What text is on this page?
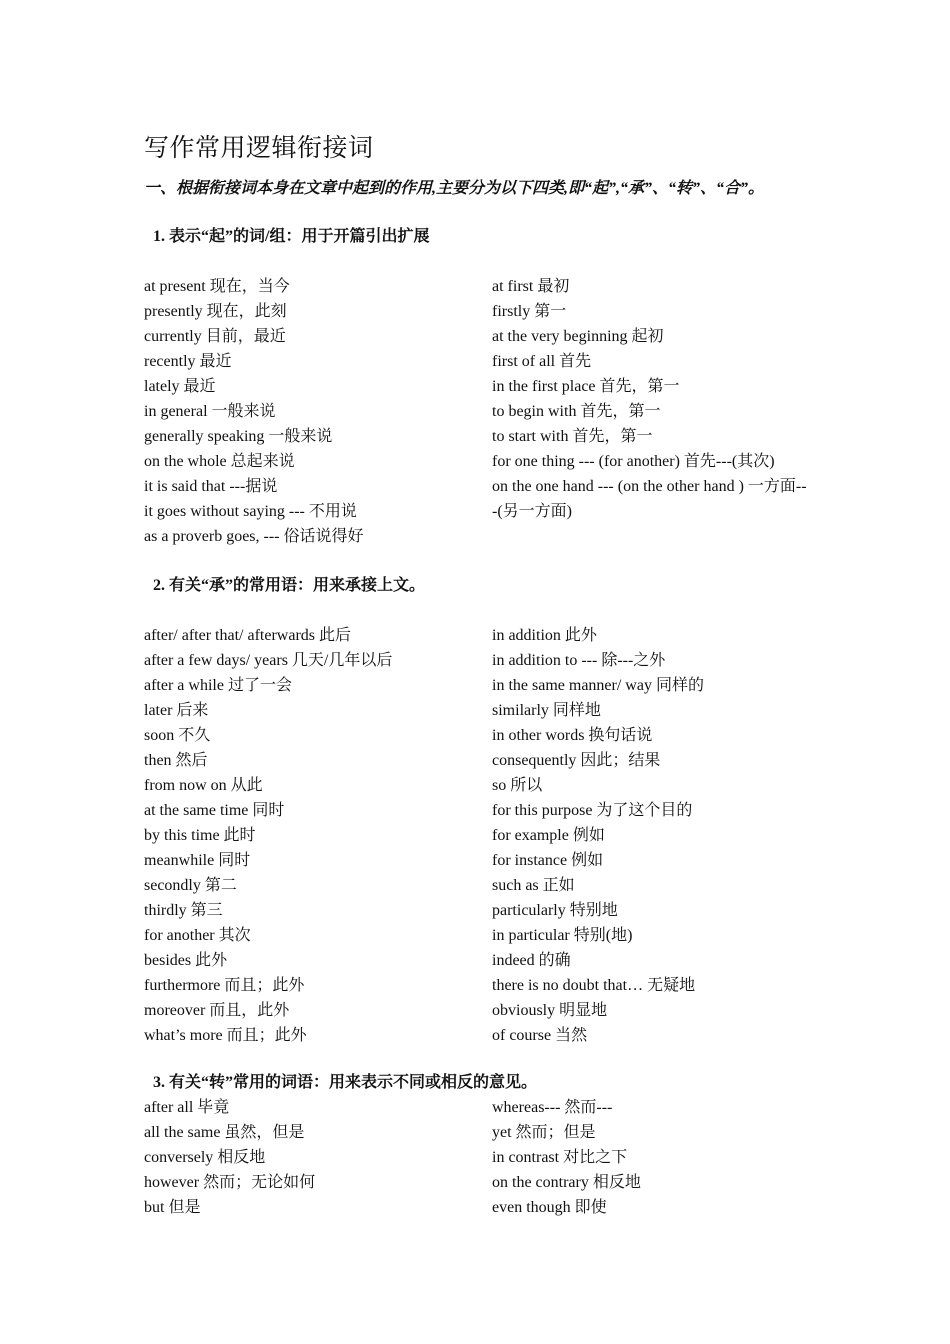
写作常用逻辑衔接词
一、根据衔接词本身在文章中起到的作用,主要分为以下四类,即“起”,“承”、“转”、“合”。
1. 表示“起”的词/组：用于开篇引出扩展
at present 现在，当今
presently 现在，此刻
currently 目前，最近
recently 最近
lately 最近
in general 一般来说
generally speaking 一般来说
on the whole 总起来说
it is said that ---据说
it goes without saying --- 不用说
as a proverb goes, --- 俗话说得好
at first 最初
firstly 第一
at the very beginning 起初
first of all 首先
in the first place 首先，第一
to begin with 首先，第一
to start with 首先，第一
for one thing --- (for another) 首先---(其次)
on the one hand --- (on the other hand ) 一方面---(另一方面)
2. 有关“承”的常用语：用来承接上文。
after/ after that/ afterwards 此后
after a few days/ years 几天/几年以后
after a while 过了一会
later 后来
soon 不久
then 然后
from now on 从此
at the same time 同时
by this time 此时
meanwhile 同时
secondly 第二
thirdly 第三
for another 其次
besides 此外
furthermore 而且；此外
moreover 而且，此外
what’s more 而且；此外
in addition 此外
in addition to --- 除---之外
in the same manner/ way 同样的
similarly 同样地
in other words 换句话说
consequently 因此；结果
so 所以
for this purpose 为了这个目的
for example 例如
for instance 例如
such as 正如
particularly 特别地
in particular 特别(地)
indeed 的确
there is no doubt that… 无疑地
obviously 明显地
of course 当然
3. 有关“转”常用的词语：用来表示不同或相反的意见。
after all 毕竟
all the same 虽然，但是
conversely 相反地
however 然而；无论如何
but 但是
whereas--- 然而---
yet 然而；但是
in contrast 对比之下
on the contrary 相反地
even though 即使
